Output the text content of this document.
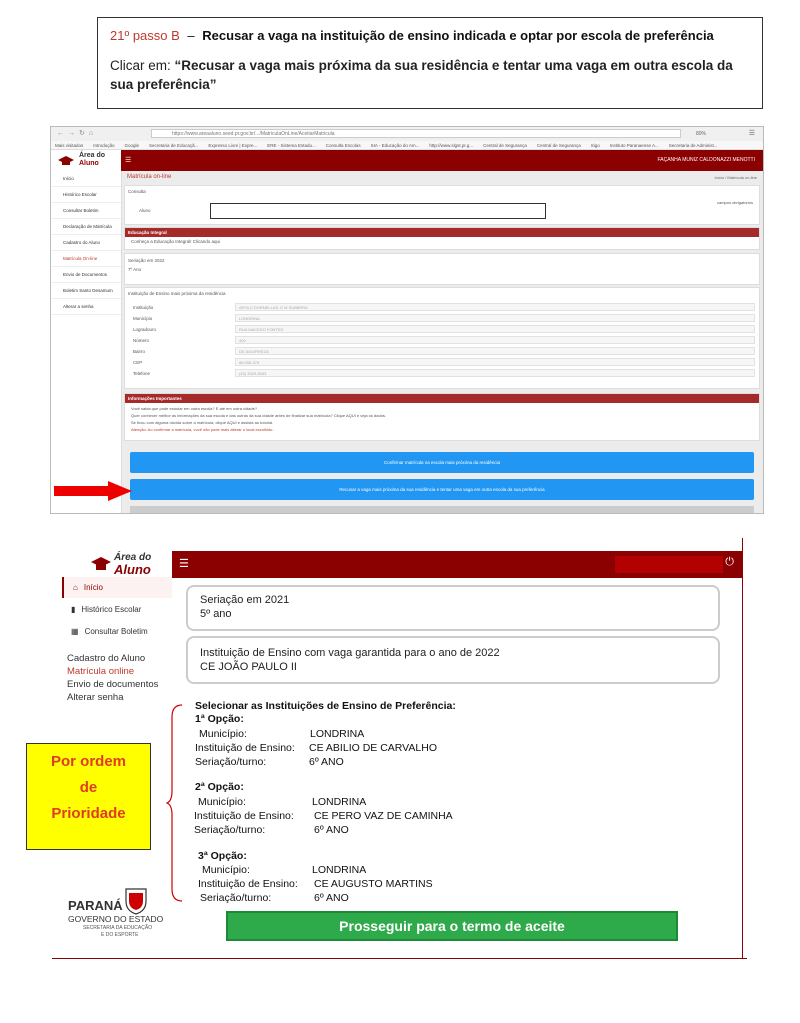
21º passo B – Recusar a vaga na instituição de ensino indicada e optar por escola de preferência
Clicar em: “Recusar a vaga mais próxima da sua residência e tentar uma vaga em outra escola da sua preferência”
←→↻⌂	https://www.areaaluno.seed.pr.gov.br/.../MatriculaOnLine/AceitarMatricula	80%	☰
Mais visitados Introdução Google Secretaria de Educaçã... Expresso Livre | Expre... ERE - Sistema Estadu... Consulta Escolas SIA - Educação do Am... http://www.slgst.pr.g... Central de Segurança Central de Segurança Sigo Instituto Paranaense A... Secretaria de Administ...
Área do
Aluno	☰	FAÇANHA MUNIZ CALDONAZZI MENOTTI
Início
Histórico Escolar
Consultar Boletim
Declaração de Matrícula
Cadastro do Aluno
Matrícula On-line
Envio de Documentos
Boletim Santo Desamum
Alterar a senha
Matrícula on-line	Início / Matrícula on-line
Consulta
Aluno
campos obrigatórios
Educação Integral
Conheça a Educação Integral! Clicando aqui
Seriação em 2022
7º Ano
Instituição de Ensino mais próxima da residência
Instituição	APOLO DORNELLAS, E M SUBBERA
Município	LONDRINA
Logradouro	RUA MACEDO FONTES
Número	400
Bairro	DE AGUIRREZA
CEP	86.055-375
Telefone	(43) 3329-5543
Informações Importantes
Você sabia que pode estudar em outra escola? E até em outra cidade?
Quer conhecer melhor as informações da sua escola e das outras da sua cidade antes de finalizar sua matrícula? Clique AQUI e veja os dados.
Se ficou com alguma dúvida sobre a matrícula, clique AQUI e assista ao tutorial.
Atenção: Ao confirmar a matrícula, você não pode mais alterar o local escolhido.
Confirmar matrícula na escola mais próxima da residência
Recusar a vaga mais próxima da sua residência e tentar uma vaga em outra escola da sua preferência
Área do
Aluno	☰	⏻
⌂ Início
▮ Histórico Escolar
▦ Consultar Boletim
Cadastro do Aluno
Matrícula online
Envio de documentos
Alterar senha
Seriação em 2021
5º ano
Instituição de Ensino com vaga garantida para o ano de 2022
CE JOÃO PAULO II
Selecionar as Instituições de Ensino de Preferência:
1ª Opção:
Município:	LONDRINA
Instituição de Ensino: CE ABILIO DE CARVALHO
Seriação/turno:	6º ANO
2ª Opção:
Município:	LONDRINA
Instituição de Ensino: CE PERO VAZ DE CAMINHA
Seriação/turno:	6º ANO
3ª Opção:
Município:	LONDRINA
Instituição de Ensino: CE AUGUSTO MARTINS
Seriação/turno:	6º ANO
Prosseguir para o termo de aceite
Por ordem
de
Prioridade
PARANÁ
GOVERNO DO ESTADO
SECRETARIA DA EDUCAÇÃO
E DO ESPORTE
